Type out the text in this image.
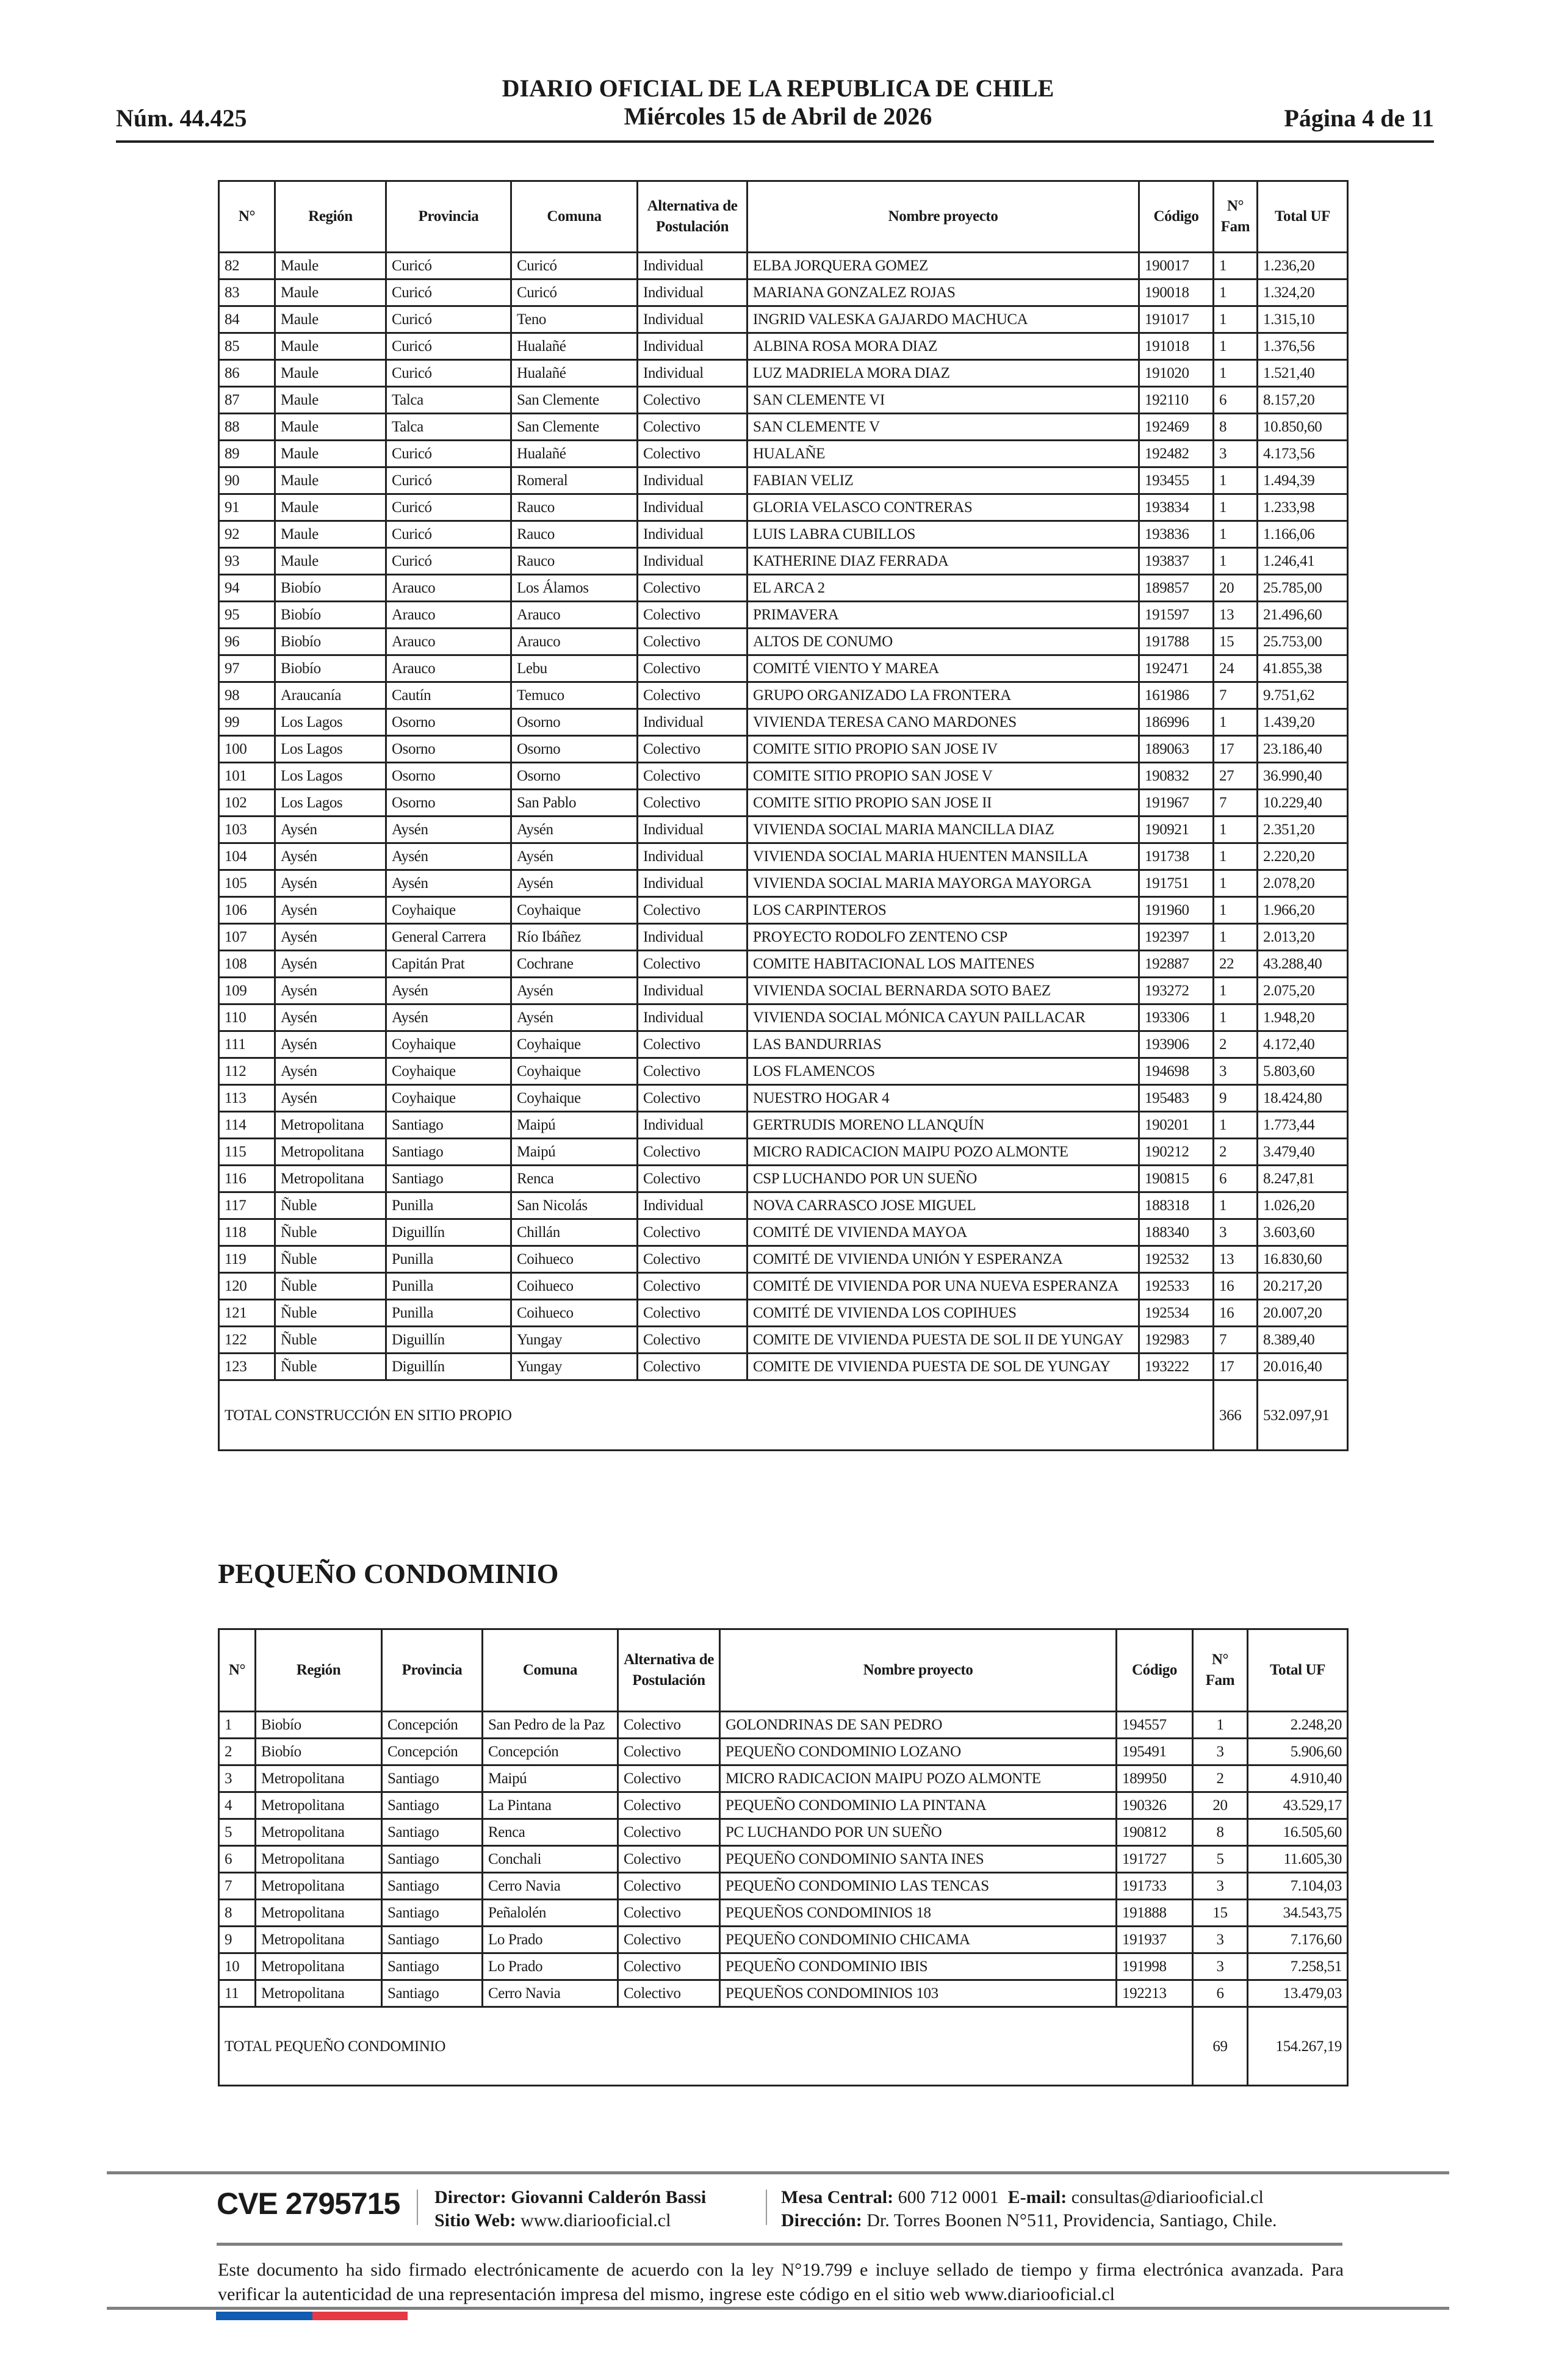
DIARIO OFICIAL DE LA REPUBLICA DE CHILE
Miércoles 15 de Abril de 2026
Núm. 44.425	Página 4 de 11
N°	Región	Provincia	Comuna	Alternativa de Postulación	Nombre proyecto	Código	N° Fam	Total UF
82	Maule	Curicó	Curicó	Individual	ELBA JORQUERA GOMEZ	190017	1	1.236,20
83	Maule	Curicó	Curicó	Individual	MARIANA GONZALEZ ROJAS	190018	1	1.324,20
84	Maule	Curicó	Teno	Individual	INGRID VALESKA GAJARDO MACHUCA	191017	1	1.315,10
85	Maule	Curicó	Hualañé	Individual	ALBINA ROSA MORA DIAZ	191018	1	1.376,56
86	Maule	Curicó	Hualañé	Individual	LUZ MADRIELA MORA DIAZ	191020	1	1.521,40
87	Maule	Talca	San Clemente	Colectivo	SAN CLEMENTE VI	192110	6	8.157,20
88	Maule	Talca	San Clemente	Colectivo	SAN CLEMENTE V	192469	8	10.850,60
89	Maule	Curicó	Hualañé	Colectivo	HUALAÑE	192482	3	4.173,56
90	Maule	Curicó	Romeral	Individual	FABIAN VELIZ	193455	1	1.494,39
91	Maule	Curicó	Rauco	Individual	GLORIA VELASCO CONTRERAS	193834	1	1.233,98
92	Maule	Curicó	Rauco	Individual	LUIS LABRA CUBILLOS	193836	1	1.166,06
93	Maule	Curicó	Rauco	Individual	KATHERINE DIAZ FERRADA	193837	1	1.246,41
94	Biobío	Arauco	Los Álamos	Colectivo	EL ARCA 2	189857	20	25.785,00
95	Biobío	Arauco	Arauco	Colectivo	PRIMAVERA	191597	13	21.496,60
96	Biobío	Arauco	Arauco	Colectivo	ALTOS DE CONUMO	191788	15	25.753,00
97	Biobío	Arauco	Lebu	Colectivo	COMITÉ VIENTO Y MAREA	192471	24	41.855,38
98	Araucanía	Cautín	Temuco	Colectivo	GRUPO ORGANIZADO LA FRONTERA	161986	7	9.751,62
99	Los Lagos	Osorno	Osorno	Individual	VIVIENDA TERESA CANO MARDONES	186996	1	1.439,20
100	Los Lagos	Osorno	Osorno	Colectivo	COMITE SITIO PROPIO SAN JOSE IV	189063	17	23.186,40
101	Los Lagos	Osorno	Osorno	Colectivo	COMITE SITIO PROPIO SAN JOSE V	190832	27	36.990,40
102	Los Lagos	Osorno	San Pablo	Colectivo	COMITE SITIO PROPIO SAN JOSE II	191967	7	10.229,40
103	Aysén	Aysén	Aysén	Individual	VIVIENDA SOCIAL MARIA MANCILLA DIAZ	190921	1	2.351,20
104	Aysén	Aysén	Aysén	Individual	VIVIENDA SOCIAL MARIA HUENTEN MANSILLA	191738	1	2.220,20
105	Aysén	Aysén	Aysén	Individual	VIVIENDA SOCIAL MARIA MAYORGA MAYORGA	191751	1	2.078,20
106	Aysén	Coyhaique	Coyhaique	Colectivo	LOS CARPINTEROS	191960	1	1.966,20
107	Aysén	General Carrera	Río Ibáñez	Individual	PROYECTO RODOLFO ZENTENO CSP	192397	1	2.013,20
108	Aysén	Capitán Prat	Cochrane	Colectivo	COMITE HABITACIONAL LOS MAITENES	192887	22	43.288,40
109	Aysén	Aysén	Aysén	Individual	VIVIENDA SOCIAL BERNARDA SOTO BAEZ	193272	1	2.075,20
110	Aysén	Aysén	Aysén	Individual	VIVIENDA SOCIAL MÓNICA CAYUN PAILLACAR	193306	1	1.948,20
111	Aysén	Coyhaique	Coyhaique	Colectivo	LAS BANDURRIAS	193906	2	4.172,40
112	Aysén	Coyhaique	Coyhaique	Colectivo	LOS FLAMENCOS	194698	3	5.803,60
113	Aysén	Coyhaique	Coyhaique	Colectivo	NUESTRO HOGAR 4	195483	9	18.424,80
114	Metropolitana	Santiago	Maipú	Individual	GERTRUDIS MORENO LLANQUÍN	190201	1	1.773,44
115	Metropolitana	Santiago	Maipú	Colectivo	MICRO RADICACION MAIPU POZO ALMONTE	190212	2	3.479,40
116	Metropolitana	Santiago	Renca	Colectivo	CSP LUCHANDO POR UN SUEÑO	190815	6	8.247,81
117	Ñuble	Punilla	San Nicolás	Individual	NOVA CARRASCO JOSE MIGUEL	188318	1	1.026,20
118	Ñuble	Diguillín	Chillán	Colectivo	COMITÉ DE VIVIENDA MAYOA	188340	3	3.603,60
119	Ñuble	Punilla	Coihueco	Colectivo	COMITÉ DE VIVIENDA UNIÓN Y ESPERANZA	192532	13	16.830,60
120	Ñuble	Punilla	Coihueco	Colectivo	COMITÉ DE VIVIENDA POR UNA NUEVA ESPERANZA	192533	16	20.217,20
121	Ñuble	Punilla	Coihueco	Colectivo	COMITÉ DE VIVIENDA LOS COPIHUES	192534	16	20.007,20
122	Ñuble	Diguillín	Yungay	Colectivo	COMITE DE VIVIENDA PUESTA DE SOL II DE YUNGAY	192983	7	8.389,40
123	Ñuble	Diguillín	Yungay	Colectivo	COMITE DE VIVIENDA PUESTA DE SOL DE YUNGAY	193222	17	20.016,40
TOTAL CONSTRUCCIÓN EN SITIO PROPIO							366	532.097,91
PEQUEÑO CONDOMINIO
N°	Región	Provincia	Comuna	Alternativa de Postulación	Nombre proyecto	Código	N° Fam	Total UF
1	Biobío	Concepción	San Pedro de la Paz	Colectivo	GOLONDRINAS DE SAN PEDRO	194557	1	2.248,20
2	Biobío	Concepción	Concepción	Colectivo	PEQUEÑO CONDOMINIO LOZANO	195491	3	5.906,60
3	Metropolitana	Santiago	Maipú	Colectivo	MICRO RADICACION MAIPU POZO ALMONTE	189950	2	4.910,40
4	Metropolitana	Santiago	La Pintana	Colectivo	PEQUEÑO CONDOMINIO LA PINTANA	190326	20	43.529,17
5	Metropolitana	Santiago	Renca	Colectivo	PC LUCHANDO POR UN SUEÑO	190812	8	16.505,60
6	Metropolitana	Santiago	Conchali	Colectivo	PEQUEÑO CONDOMINIO SANTA INES	191727	5	11.605,30
7	Metropolitana	Santiago	Cerro Navia	Colectivo	PEQUEÑO CONDOMINIO LAS TENCAS	191733	3	7.104,03
8	Metropolitana	Santiago	Peñalolén	Colectivo	PEQUEÑOS CONDOMINIOS 18	191888	15	34.543,75
9	Metropolitana	Santiago	Lo Prado	Colectivo	PEQUEÑO CONDOMINIO CHICAMA	191937	3	7.176,60
10	Metropolitana	Santiago	Lo Prado	Colectivo	PEQUEÑO CONDOMINIO IBIS	191998	3	7.258,51
11	Metropolitana	Santiago	Cerro Navia	Colectivo	PEQUEÑOS CONDOMINIOS 103	192213	6	13.479,03
TOTAL PEQUEÑO CONDOMINIO							69	154.267,19
CVE 2795715 Director: Giovanni Calderón Bassi
Sitio Web: www.diariooficial.cl
Mesa Central: 600 712 0001 E-mail: consultas@diariooficial.cl
Dirección: Dr. Torres Boonen N°511, Providencia, Santiago, Chile.
Este documento ha sido firmado electrónicamente de acuerdo con la ley N°19.799 e incluye sellado de tiempo y firma electrónica avanzada. Para verificar la autenticidad de una representación impresa del mismo, ingrese este código en el sitio web www.diariooficial.cl
